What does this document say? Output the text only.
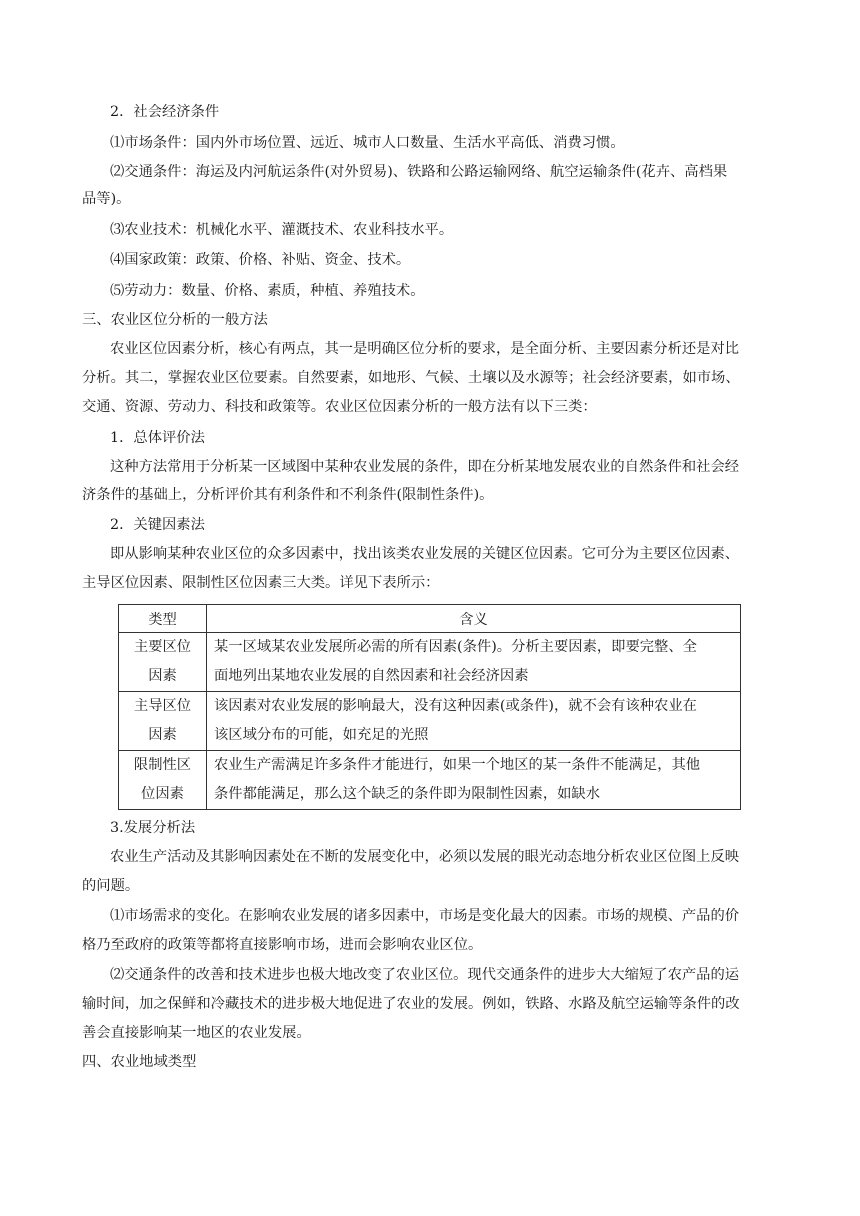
2．社会经济条件
⑴市场条件：国内外市场位置、远近、城市人口数量、生活水平高低、消费习惯。
⑵交通条件：海运及内河航运条件(对外贸易)、铁路和公路运输网络、航空运输条件(花卉、高档果
品等)。
⑶农业技术：机械化水平、灌溉技术、农业科技水平。
⑷国家政策：政策、价格、补贴、资金、技术。
⑸劳动力：数量、价格、素质，种植、养殖技术。
三、农业区位分析的一般方法
农业区位因素分析，核心有两点，其一是明确区位分析的要求，是全面分析、主要因素分析还是对比
分析。其二，掌握农业区位要素。自然要素，如地形、气候、土壤以及水源等；社会经济要素，如市场、
交通、资源、劳动力、科技和政策等。农业区位因素分析的一般方法有以下三类：
1．总体评价法
这种方法常用于分析某一区域图中某种农业发展的条件，即在分析某地发展农业的自然条件和社会经
济条件的基础上，分析评价其有利条件和不利条件(限制性条件)。
2．关键因素法
即从影响某种农业区位的众多因素中，找出该类农业发展的关键区位因素。它可分为主要区位因素、
主导区位因素、限制性区位因素三大类。详见下表所示：
类型	含义
主要区位
因素	某一区域某农业发展所必需的所有因素(条件)。分析主要因素，即要完整、全
面地列出某地农业发展的自然因素和社会经济因素
主导区位
因素	该因素对农业发展的影响最大，没有这种因素(或条件)，就不会有该种农业在
该区域分布的可能，如充足的光照
限制性区
位因素	农业生产需满足许多条件才能进行，如果一个地区的某一条件不能满足，其他
条件都能满足，那么这个缺乏的条件即为限制性因素，如缺水
3.发展分析法
农业生产活动及其影响因素处在不断的发展变化中，必须以发展的眼光动态地分析农业区位图上反映
的问题。
⑴市场需求的变化。在影响农业发展的诸多因素中，市场是变化最大的因素。市场的规模、产品的价
格乃至政府的政策等都将直接影响市场，进而会影响农业区位。
⑵交通条件的改善和技术进步也极大地改变了农业区位。现代交通条件的进步大大缩短了农产品的运
输时间，加之保鲜和冷藏技术的进步极大地促进了农业的发展。例如，铁路、水路及航空运输等条件的改
善会直接影响某一地区的农业发展。
四、农业地域类型
